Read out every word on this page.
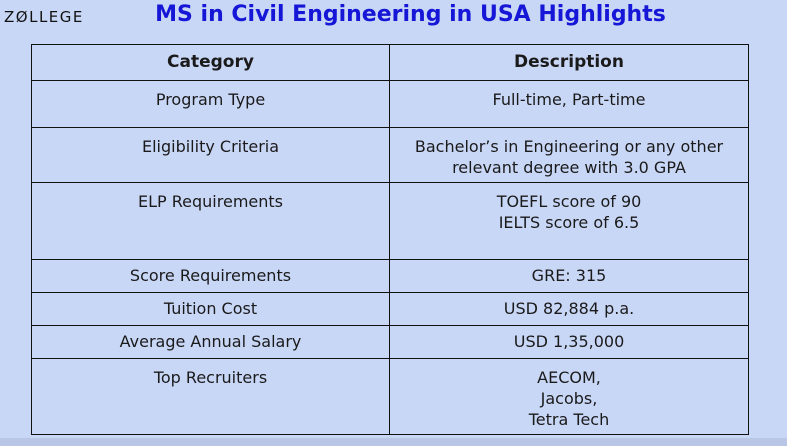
ZØLLEGE	MS in Civil Engineering in USA Highlights
Category	Description
Program Type	Full-time, Part-time

Eligibility Criteria	Bachelor’s in Engineering or any other
relevant degree with 3.0 GPA

ELP Requirements	TOEFL score of 90
IELTS score of 6.5

Score Requirements	GRE: 315

Tuition Cost	USD 82,884 p.a.

Average Annual Salary	USD 1,35,000

Top Recruiters	AECOM,
Jacobs,
Tetra Tech
